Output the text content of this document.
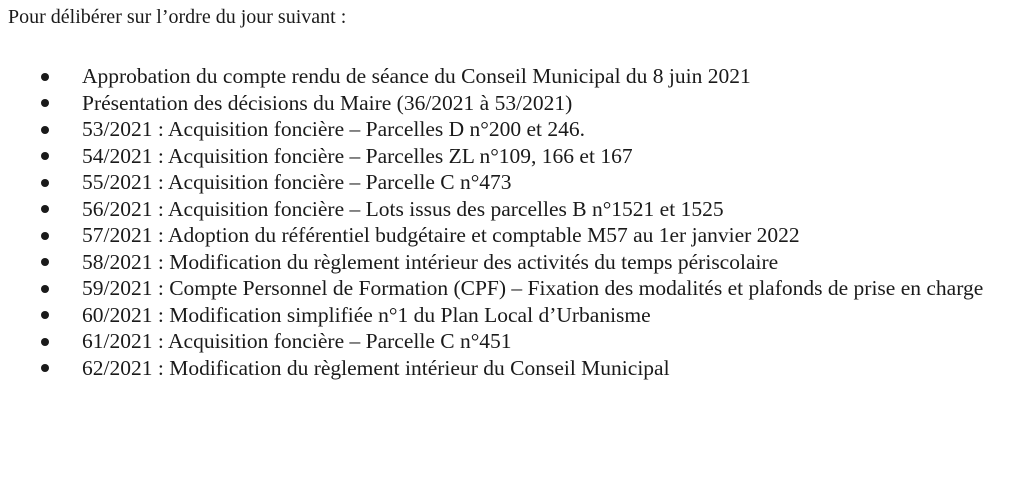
Pour délibérer sur l’ordre du jour suivant :
Approbation du compte rendu de séance du Conseil Municipal du 8 juin 2021
Présentation des décisions du Maire (36/2021 à 53/2021)
53/2021 : Acquisition foncière – Parcelles D n°200 et 246.
54/2021 : Acquisition foncière – Parcelles ZL n°109, 166 et 167
55/2021 : Acquisition foncière – Parcelle C n°473
56/2021 : Acquisition foncière – Lots issus des parcelles B n°1521 et 1525
57/2021 : Adoption du référentiel budgétaire et comptable M57 au 1er janvier 2022
58/2021 : Modification du règlement intérieur des activités du temps périscolaire
59/2021 : Compte Personnel de Formation (CPF) – Fixation des modalités et plafonds de prise en charge
60/2021 : Modification simplifiée n°1 du Plan Local d’Urbanisme
61/2021 : Acquisition foncière – Parcelle C n°451
62/2021 : Modification du règlement intérieur du Conseil Municipal
